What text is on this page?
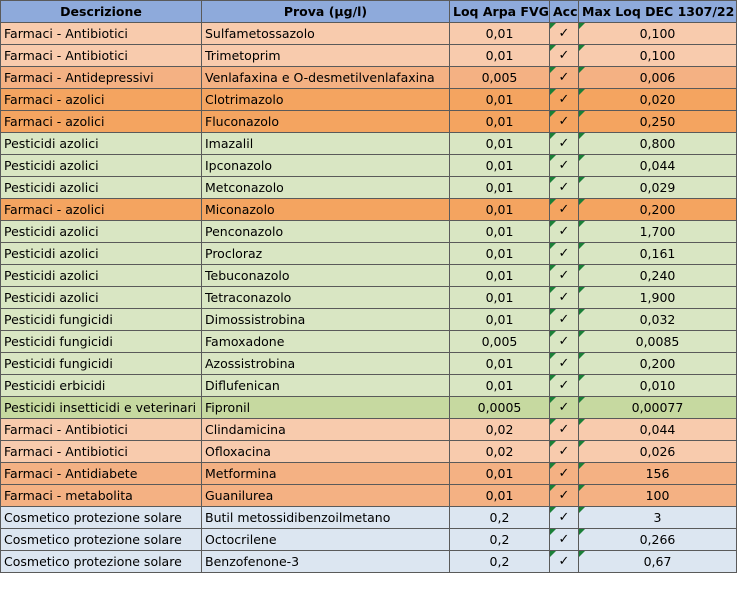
Descrizione	Prova (µg/l)	Loq Arpa FVG	Acc	Max Loq DEC 1307/22
Farmaci - Antibiotici	Sulfametossazolo	0,01	✓	0,100

Farmaci - Antibiotici	Trimetoprim	0,01	✓	0,100

Farmaci - Antidepressivi	Venlafaxina e O-desmetilvenlafaxina	0,005	✓	0,006

Farmaci - azolici	Clotrimazolo	0,01	✓	0,020

Farmaci - azolici	Fluconazolo	0,01	✓	0,250

Pesticidi azolici	Imazalil	0,01	✓	0,800

Pesticidi azolici	Ipconazolo	0,01	✓	0,044

Pesticidi azolici	Metconazolo	0,01	✓	0,029

Farmaci - azolici	Miconazolo	0,01	✓	0,200

Pesticidi azolici	Penconazolo	0,01	✓	1,700

Pesticidi azolici	Procloraz	0,01	✓	0,161

Pesticidi azolici	Tebuconazolo	0,01	✓	0,240

Pesticidi azolici	Tetraconazolo	0,01	✓	1,900

Pesticidi fungicidi	Dimossistrobina	0,01	✓	0,032

Pesticidi fungicidi	Famoxadone	0,005	✓	0,0085

Pesticidi fungicidi	Azossistrobina	0,01	✓	0,200

Pesticidi erbicidi	Diflufenican	0,01	✓	0,010

Pesticidi insetticidi e veterinari	Fipronil	0,0005	✓	0,00077

Farmaci - Antibiotici	Clindamicina	0,02	✓	0,044

Farmaci - Antibiotici	Ofloxacina	0,02	✓	0,026

Farmaci - Antidiabete	Metformina	0,01	✓	156

Farmaci - metabolita	Guanilurea	0,01	✓	100

Cosmetico protezione solare	Butil metossidibenzoilmetano	0,2	✓	3

Cosmetico protezione solare	Octocrilene	0,2	✓	0,266

Cosmetico protezione solare	Benzofenone-3	0,2	✓	0,67
